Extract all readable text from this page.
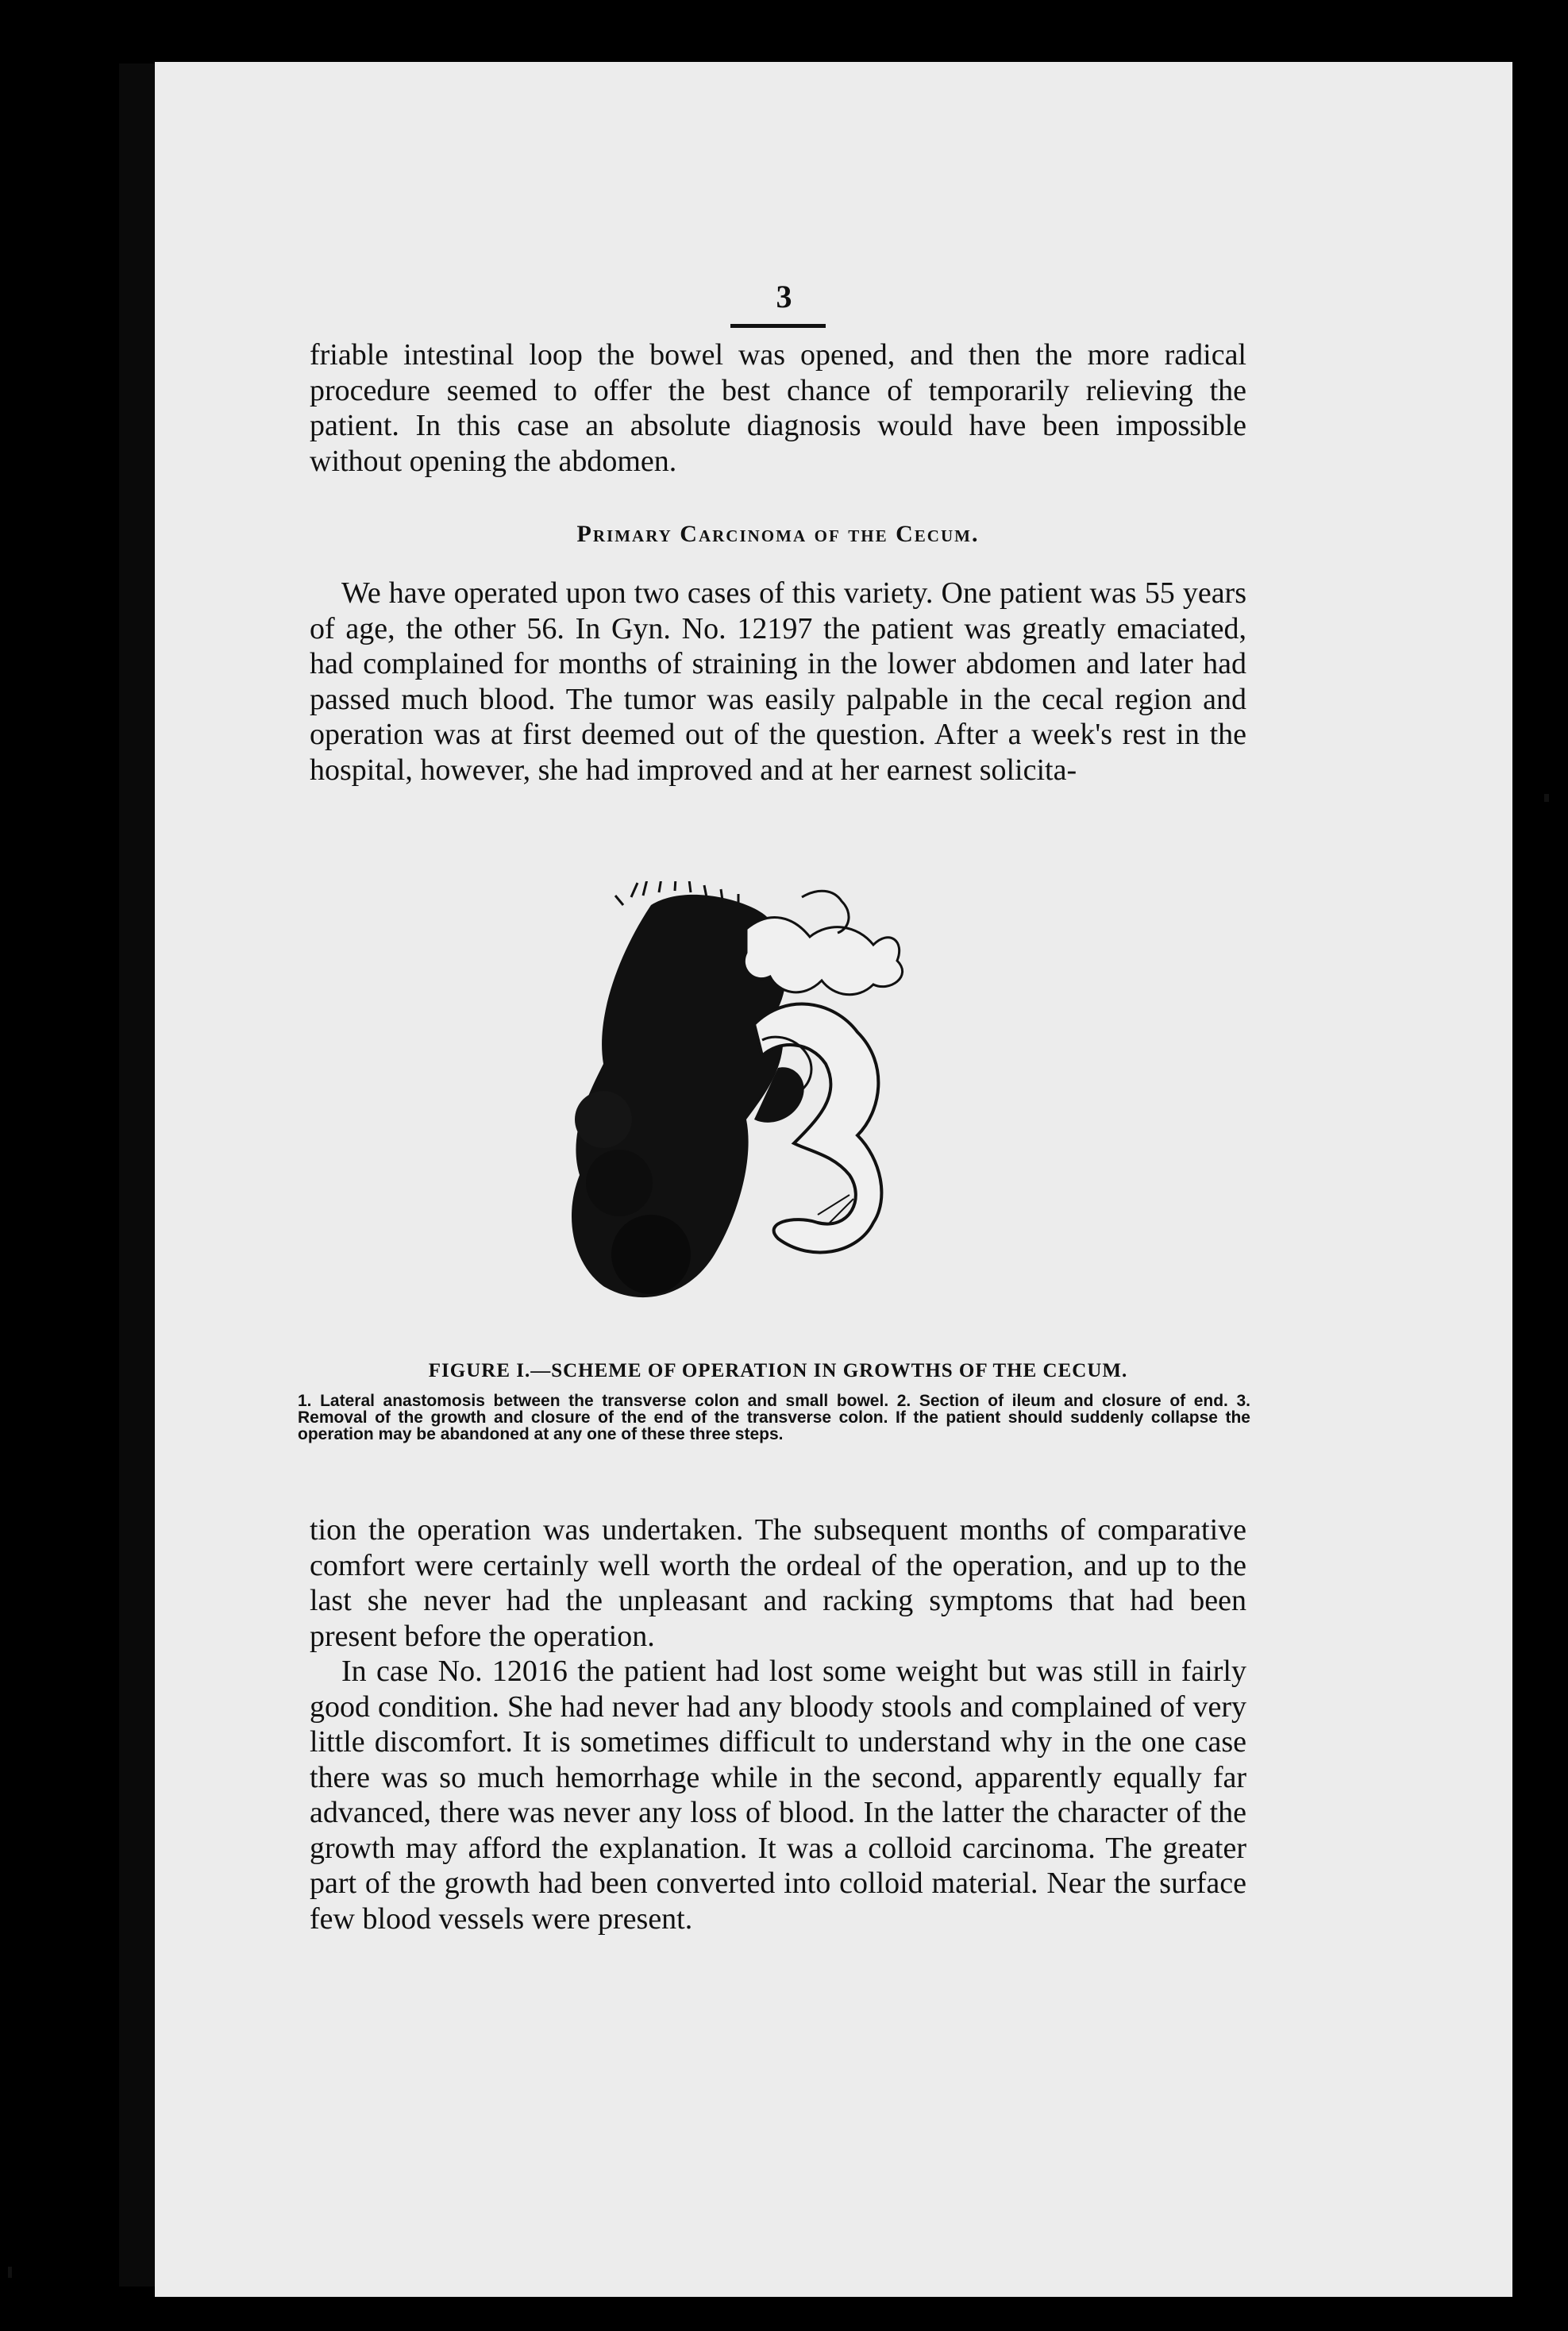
3
friable intestinal loop the bowel was opened, and then the more radical procedure seemed to offer the best chance of temporarily relieving the patient. In this case an absolute diagnosis would have been impossible without opening the abdomen.
Primary Carcinoma of the Cecum.
We have operated upon two cases of this variety. One patient was 55 years of age, the other 56. In Gyn. No. 12197 the patient was greatly emaciated, had complained for months of straining in the lower abdomen and later had passed much blood. The tumor was easily palpable in the cecal region and operation was at first deemed out of the question. After a week's rest in the hospital, however, she had improved and at her earnest solicita-
FIGURE I.—SCHEME OF OPERATION IN GROWTHS OF THE CECUM.
1. Lateral anastomosis between the transverse colon and small bowel. 2. Section of ileum and closure of end. 3. Removal of the growth and closure of the end of the transverse colon. If the patient should suddenly collapse the operation may be abandoned at any one of these three steps.
tion the operation was undertaken. The subsequent months of comparative comfort were certainly well worth the ordeal of the operation, and up to the last she never had the unpleasant and racking symptoms that had been present before the operation.
In case No. 12016 the patient had lost some weight but was still in fairly good condition. She had never had any bloody stools and complained of very little discomfort. It is sometimes difficult to understand why in the one case there was so much hemorrhage while in the second, apparently equally far advanced, there was never any loss of blood. In the latter the character of the growth may afford the explanation. It was a colloid carcinoma. The greater part of the growth had been converted into colloid material. Near the surface few blood vessels were present.
